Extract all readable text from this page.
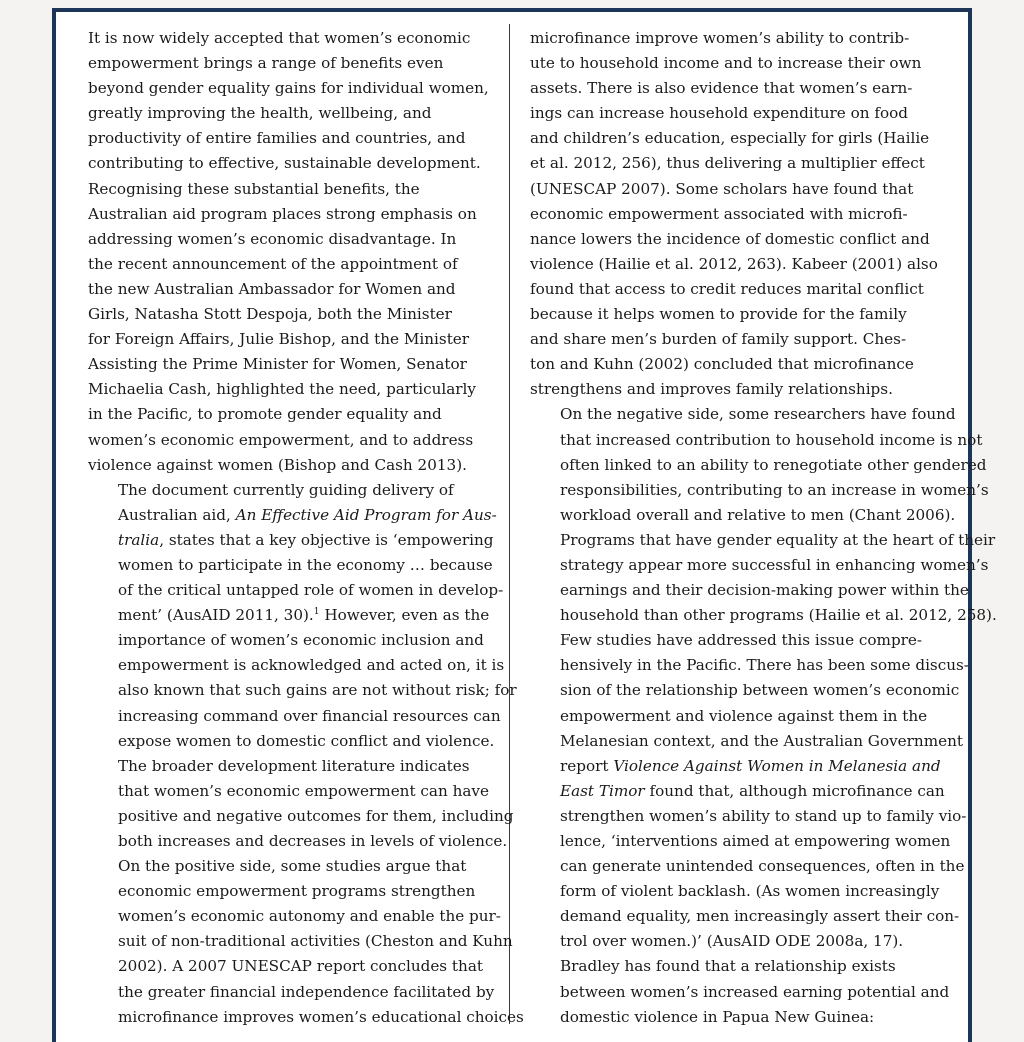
It is now widely accepted that women’s economic
empowerment brings a range of benefits even
beyond gender equality gains for individual women,
greatly improving the health, wellbeing, and
productivity of entire families and countries, and
contributing to effective, sustainable development.
Recognising these substantial benefits, the
Australian aid program places strong emphasis on
addressing women’s economic disadvantage. In
the recent announcement of the appointment of
the new Australian Ambassador for Women and
Girls, Natasha Stott Despoja, both the Minister
for Foreign Affairs, Julie Bishop, and the Minister
Assisting the Prime Minister for Women, Senator
Michaelia Cash, highlighted the need, particularly
in the Pacific, to promote gender equality and
women’s economic empowerment, and to address
violence against women (Bishop and Cash 2013).

The document currently guiding delivery of
Australian aid, An Effective Aid Program for Aus-
tralia, states that a key objective is ‘empowering
women to participate in the economy … because
of the critical untapped role of women in develop-
ment’ (AusAID 2011, 30).$^1$ However, even as the
importance of women’s economic inclusion and
empowerment is acknowledged and acted on, it is
also known that such gains are not without risk; for
increasing command over financial resources can
expose women to domestic conflict and violence.

The broader development literature indicates
that women’s economic empowerment can have
positive and negative outcomes for them, including
both increases and decreases in levels of violence.

On the positive side, some studies argue that
economic empowerment programs strengthen
women’s economic autonomy and enable the pur-
suit of non-traditional activities (Cheston and Kuhn
2002). A 2007 UNESCAP report concludes that
the greater financial independence facilitated by
microfinance improves women’s educational choices

microfinance improve women’s ability to contrib-
ute to household income and to increase their own
assets. There is also evidence that women’s earn-
ings can increase household expenditure on food
and children’s education, especially for girls (Hailie
et al. 2012, 256), thus delivering a multiplier effect
(UNESCAP 2007). Some scholars have found that
economic empowerment associated with microfi-
nance lowers the incidence of domestic conflict and
violence (Hailie et al. 2012, 263). Kabeer (2001) also
found that access to credit reduces marital conflict
because it helps women to provide for the family
and share men’s burden of family support. Ches-
ton and Kuhn (2002) concluded that microfinance
strengthens and improves family relationships.

On the negative side, some researchers have found
that increased contribution to household income is not
often linked to an ability to renegotiate other gendered
responsibilities, contributing to an increase in women’s
workload overall and relative to men (Chant 2006).
Programs that have gender equality at the heart of their
strategy appear more successful in enhancing women’s
earnings and their decision-making power within the
household than other programs (Hailie et al. 2012, 258).

Few studies have addressed this issue compre-
hensively in the Pacific. There has been some discus-
sion of the relationship between women’s economic
empowerment and violence against them in the
Melanesian context, and the Australian Government
report Violence Against Women in Melanesia and
East Timor found that, although microfinance can
strengthen women’s ability to stand up to family vio-
lence, ‘interventions aimed at empowering women
can generate unintended consequences, often in the
form of violent backlash. (As women increasingly
demand equality, men increasingly assert their con-
trol over women.)’ (AusAID ODE 2008a, 17).

Bradley has found that a relationship exists
between women’s increased earning potential and
domestic violence in Papua New Guinea:
